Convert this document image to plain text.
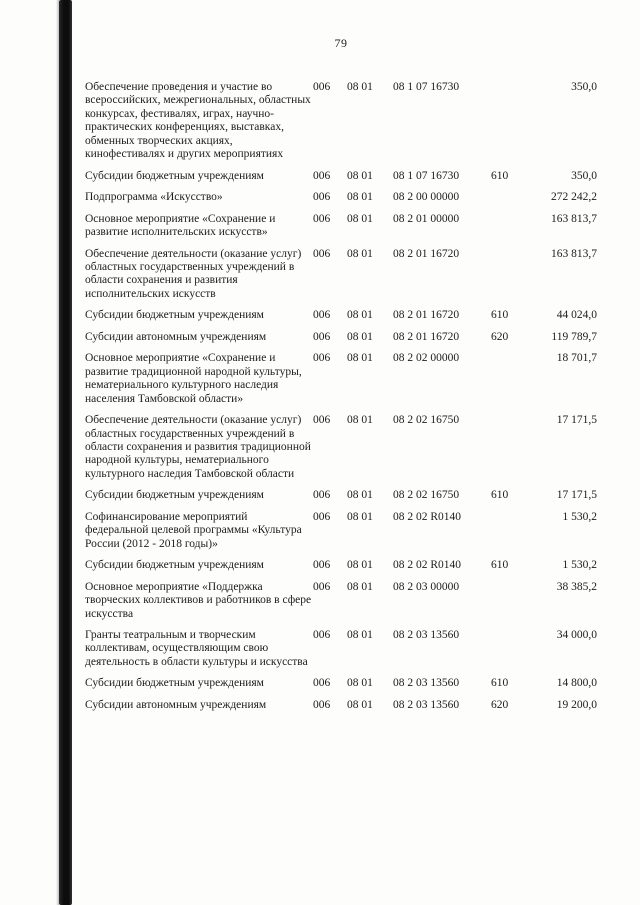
79
Обеспечение проведения и участие во всероссийских, межрегиональных, областных конкурсах, фестивалях, играх, научно-практических конференциях, выставках, обменных творческих акциях, кинофестивалях и других мероприятиях	006	08 01	08 1 07 16730		350,0
Субсидии бюджетным учреждениям	006	08 01	08 1 07 16730	610	350,0
Подпрограмма «Искусство»	006	08 01	08 2 00 00000		272 242,2
Основное мероприятие «Сохранение и развитие исполнительских искусств»	006	08 01	08 2 01 00000		163 813,7
Обеспечение деятельности (оказание услуг) областных государственных учреждений в области сохранения и развития исполнительских искусств	006	08 01	08 2 01 16720		163 813,7
Субсидии бюджетным учреждениям	006	08 01	08 2 01 16720	610	44 024,0
Субсидии автономным учреждениям	006	08 01	08 2 01 16720	620	119 789,7
Основное мероприятие «Сохранение и развитие традиционной народной культуры, нематериального культурного наследия населения Тамбовской области»	006	08 01	08 2 02 00000		18 701,7
Обеспечение деятельности (оказание услуг) областных государственных учреждений в области сохранения и развития традиционной народной культуры, нематериального культурного наследия Тамбовской области	006	08 01	08 2 02 16750		17 171,5
Субсидии бюджетным учреждениям	006	08 01	08 2 02 16750	610	17 171,5
Софинансирование мероприятий федеральной целевой программы «Культура России (2012 - 2018 годы)»	006	08 01	08 2 02 R0140		1 530,2
Субсидии бюджетным учреждениям	006	08 01	08 2 02 R0140	610	1 530,2
Основное мероприятие «Поддержка творческих коллективов и работников в сфере искусства	006	08 01	08 2 03 00000		38 385,2
Гранты театральным и творческим коллективам, осуществляющим свою деятельность в области культуры и искусства	006	08 01	08 2 03 13560		34 000,0
Субсидии бюджетным учреждениям	006	08 01	08 2 03 13560	610	14 800,0
Субсидии автономным учреждениям	006	08 01	08 2 03 13560	620	19 200,0
